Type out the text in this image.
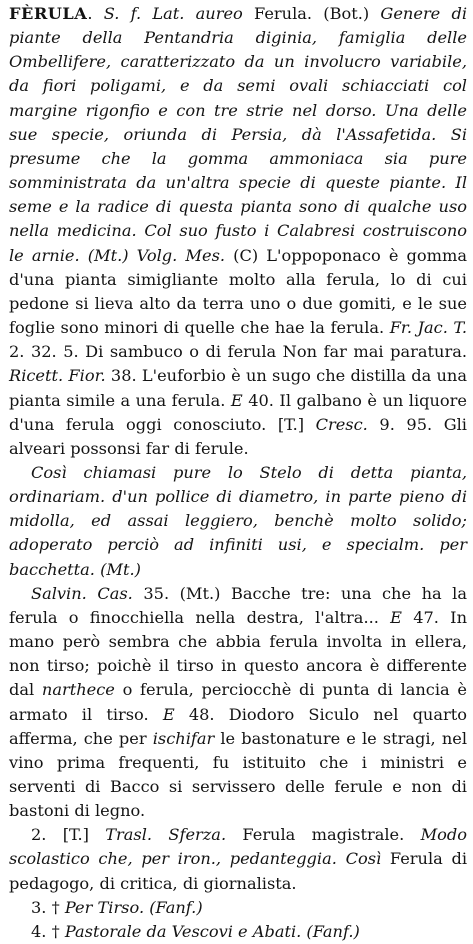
FÈRULA. S. f. Lat. aureo Ferula. (Bot.) Genere di piante della Pentandria diginia, famiglia delle Ombellifere, caratterizzato da un involucro variabile, da fiori poligami, e da semi ovali schiacciati col margine rigonfio e con tre strie nel dorso. Una delle sue specie, oriunda di Persia, dà l'Assafetida. Si presume che la gomma ammoniaca sia pure somministrata da un'altra specie di queste piante. Il seme e la radice di questa pianta sono di qualche uso nella medicina. Col suo fusto i Calabresi costruiscono le arnie. (Mt.) Volg. Mes. (C) L'oppoponaco è gomma d'una pianta simigliante molto alla ferula, lo di cui pedone si lieva alto da terra uno o due gomiti, e le sue foglie sono minori di quelle che hae la ferula. Fr. Jac. T. 2. 32. 5. Di sambuco o di ferula Non far mai paratura. Ricett. Fior. 38. L'euforbio è un sugo che distilla da una pianta simile a una ferula. E 40. Il galbano è un liquore d'una ferula oggi conosciuto. [T.] Cresc. 9. 95. Gli alveari possonsi far di ferule.

Così chiamasi pure lo Stelo di detta pianta, ordinariam. d'un pollice di diametro, in parte pieno di midolla, ed assai leggiero, benchè molto solido; adoperato perciò ad infiniti usi, e specialm. per bacchetta. (Mt.)

Salvin. Cas. 35. (Mt.) Bacche tre: una che ha la ferula o finocchiella nella destra, l'altra... E 47. In mano però sembra che abbia ferula involta in ellera, non tirso; poichè il tirso in questo ancora è differente dal narthece o ferula, perciocchè di punta di lancia è armato il tirso. E 48. Diodoro Siculo nel quarto afferma, che per ischifar le bastonature e le stragi, nel vino prima frequenti, fu istituito che i ministri e serventi di Bacco si servissero delle ferule e non di bastoni di legno.

2. [T.] Trasl. Sferza. Ferula magistrale. Modo scolastico che, per iron., pedanteggia. Così Ferula di pedagogo, di critica, di giornalista.

3. † Per Tirso. (Fanf.)

4. † Pastorale da Vescovi e Abati. (Fanf.)
